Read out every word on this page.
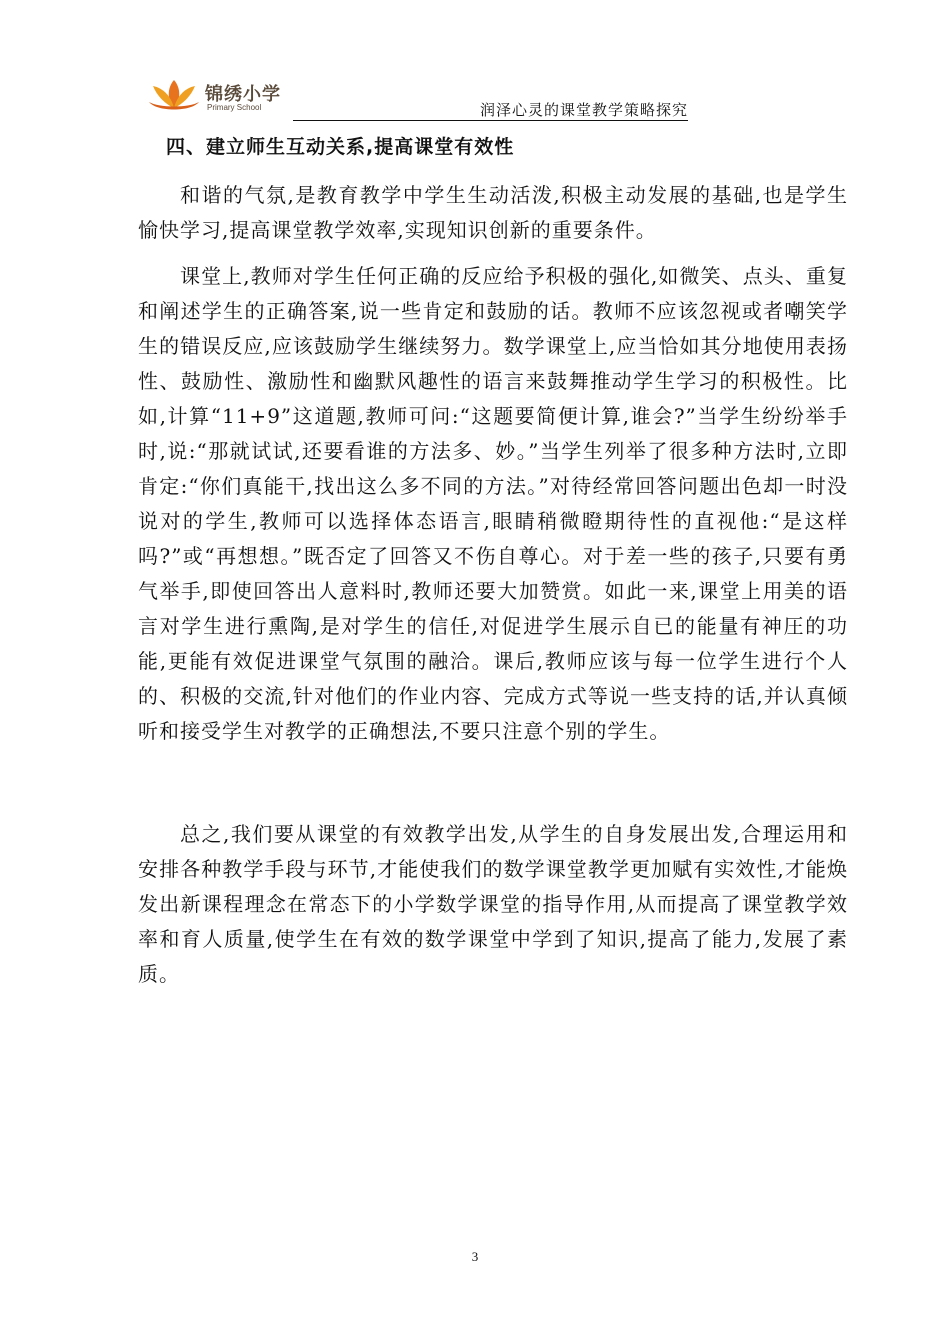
锦绣小学
Primary School	润泽心灵的课堂教学策略探究
四、建立师生互动关系,提高课堂有效性

和谐的气氛,是教育教学中学生生动活泼,积极主动发展的基础,也是学生愉快学习,提高课堂教学效率,实现知识创新的重要条件。

课堂上,教师对学生任何正确的反应给予积极的强化,如微笑、点头、重复和阐述学生的正确答案,说一些肯定和鼓励的话。教师不应该忽视或者嘲笑学生的错误反应,应该鼓励学生继续努力。数学课堂上,应当恰如其分地使用表扬性、鼓励性、激励性和幽默风趣性的语言来鼓舞推动学生学习的积极性。比如,计算“11+9”这道题,教师可问:“这题要简便计算,谁会?”当学生纷纷举手时,说:“那就试试,还要看谁的方法多、妙。”当学生列举了很多种方法时,立即肯定:“你们真能干,找出这么多不同的方法。”对待经常回答问题出色却一时没说对的学生,教师可以选择体态语言,眼睛稍微瞪期待性的直视他:“是这样吗?”或“再想想。”既否定了回答又不伤自尊心。对于差一些的孩子,只要有勇气举手,即使回答出人意料时,教师还要大加赞赏。如此一来,课堂上用美的语言对学生进行熏陶,是对学生的信任,对促进学生展示自已的能量有神圧的功能,更能有效促进课堂气氛围的融洽。课后,教师应该与每一位学生进行个人的、积极的交流,针对他们的作业内容、完成方式等说一些支持的话,并认真倾听和接受学生对教学的正确想法,不要只注意个别的学生。

总之,我们要从课堂的有效教学出发,从学生的自身发展出发,合理运用和安排各种教学手段与环节,才能使我们的数学课堂教学更加赋有实效性,才能焕发出新课程理念在常态下的小学数学课堂的指导作用,从而提高了课堂教学效率和育人质量,使学生在有效的数学课堂中学到了知识,提高了能力,发展了素质。

3
